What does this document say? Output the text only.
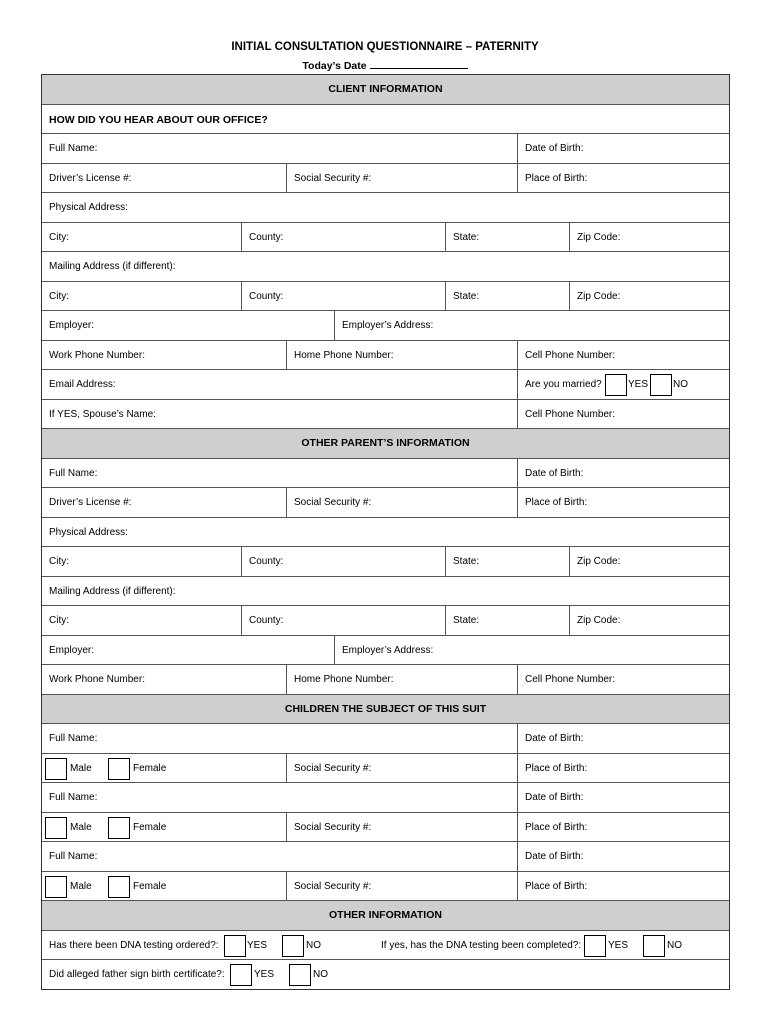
INITIAL CONSULTATION QUESTIONNAIRE – PATERNITY
Today’s Date
CLIENT INFORMATION
HOW DID YOU HEAR ABOUT OUR OFFICE?
Full Name:	Date of Birth:
Driver’s License #:	Social Security #:	Place of Birth:
Physical Address:
City:	County:	State:	Zip Code:
Mailing Address (if different):
City:	County:	State:	Zip Code:
Employer:	Employer’s Address:
Work Phone Number:	Home Phone Number:	Cell Phone Number:
Email Address:	Are you married?	YES NO
If YES, Spouse’s Name:	Cell Phone Number:
OTHER PARENT’S INFORMATION
Full Name:	Date of Birth:
Driver’s License #:	Social Security #:	Place of Birth:
Physical Address:
City:	County:	State:	Zip Code:
Mailing Address (if different):
City:	County:	State:	Zip Code:
Employer:	Employer’s Address:
Work Phone Number:	Home Phone Number:	Cell Phone Number:
CHILDREN THE SUBJECT OF THIS SUIT
Full Name:	Date of Birth:
Male	Female	Social Security #:	Place of Birth:
Full Name:	Date of Birth:
Male	Female	Social Security #:	Place of Birth:
Full Name:	Date of Birth:
Male	Female	Social Security #:	Place of Birth:
OTHER INFORMATION
Has there been DNA testing ordered?:	YES	NO	If yes, has the DNA testing been completed?:	YES	NO
Did alleged father sign birth certificate?:	YES	NO
